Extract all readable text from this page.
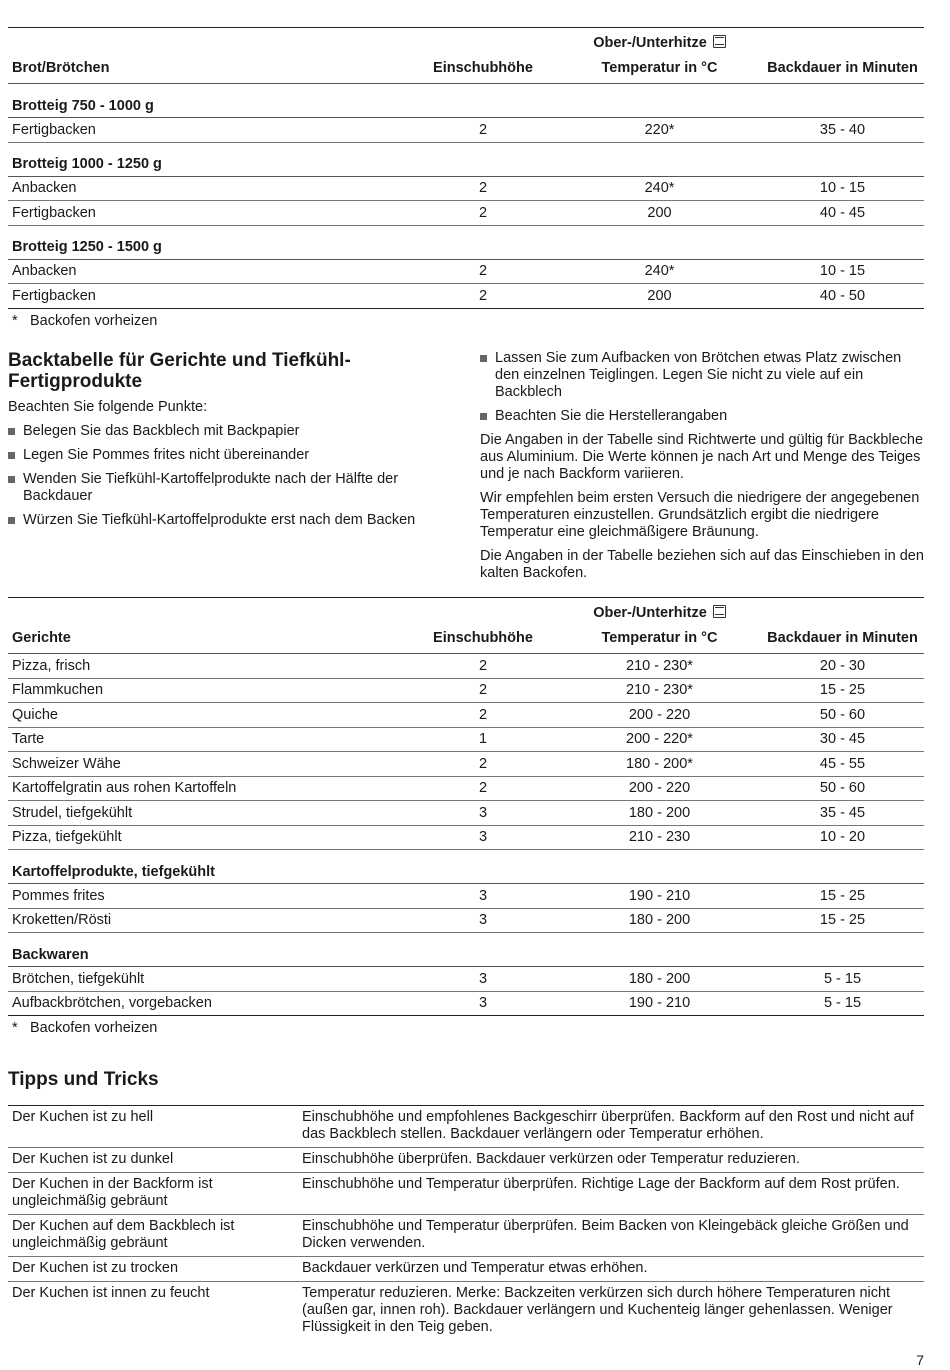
		Ober-/Unterhitze	
Brot/Brötchen	Einschubhöhe	Temperatur in °C	Backdauer in Minuten
Brotteig 750 - 1000 g			
Fertigbacken	2	220*	35 - 40
Brotteig 1000 - 1250 g			
Anbacken	2	240*	10 - 15
Fertigbacken	2	200	40 - 45
Brotteig 1250 - 1500 g			
Anbacken	2	240*	10 - 15
Fertigbacken	2	200	40 - 50
* Backofen vorheizen
Backtabelle für Gerichte und Tiefkühl-Fertigprodukte

Beachten Sie folgende Punkte:

Belegen Sie das Backblech mit Backpapier
Legen Sie Pommes frites nicht übereinander
Wenden Sie Tiefkühl-Kartoffelprodukte nach der Hälfte der Backdauer
Würzen Sie Tiefkühl-Kartoffelprodukte erst nach dem Backen
Lassen Sie zum Aufbacken von Brötchen etwas Platz zwischen den einzelnen Teiglingen. Legen Sie nicht zu viele auf ein Backblech
Beachten Sie die Herstellerangaben

Die Angaben in der Tabelle sind Richtwerte und gültig für Backbleche aus Aluminium. Die Werte können je nach Art und Menge des Teiges und je nach Backform variieren.

Wir empfehlen beim ersten Versuch die niedrigere der angegebenen Temperaturen einzustellen. Grundsätzlich ergibt die niedrigere Temperatur eine gleichmäßigere Bräunung.

Die Angaben in der Tabelle beziehen sich auf das Einschieben in den kalten Backofen.

		Ober-/Unterhitze	
Gerichte	Einschubhöhe	Temperatur in °C	Backdauer in Minuten
Pizza, frisch	2	210 - 230*	20 - 30
Flammkuchen	2	210 - 230*	15 - 25
Quiche	2	200 - 220	50 - 60
Tarte	1	200 - 220*	30 - 45
Schweizer Wähe	2	180 - 200*	45 - 55
Kartoffelgratin aus rohen Kartoffeln	2	200 - 220	50 - 60
Strudel, tiefgekühlt	3	180 - 200	35 - 45
Pizza, tiefgekühlt	3	210 - 230	10 - 20
Kartoffelprodukte, tiefgekühlt			
Pommes frites	3	190 - 210	15 - 25
Kroketten/Rösti	3	180 - 200	15 - 25
Backwaren			
Brötchen, tiefgekühlt	3	180 - 200	5 - 15
Aufbackbrötchen, vorgebacken	3	190 - 210	5 - 15
* Backofen vorheizen
Tipps und Tricks
Der Kuchen ist zu hell	Einschubhöhe und empfohlenes Backgeschirr überprüfen. Backform auf den Rost und nicht auf das Backblech stellen. Backdauer verlängern oder Temperatur erhöhen.
Der Kuchen ist zu dunkel	Einschubhöhe überprüfen. Backdauer verkürzen oder Temperatur reduzieren.
Der Kuchen in der Backform ist ungleichmäßig gebräunt	Einschubhöhe und Temperatur überprüfen. Richtige Lage der Backform auf dem Rost prüfen.
Der Kuchen auf dem Backblech ist ungleichmäßig gebräunt	Einschubhöhe und Temperatur überprüfen. Beim Backen von Kleingebäck gleiche Größen und Dicken verwenden.
Der Kuchen ist zu trocken	Backdauer verkürzen und Temperatur etwas erhöhen.
Der Kuchen ist innen zu feucht	Temperatur reduzieren. Merke: Backzeiten verkürzen sich durch höhere Temperaturen nicht (außen gar, innen roh). Backdauer verlängern und Kuchenteig länger gehenlassen. Weniger Flüssigkeit in den Teig geben.
7
